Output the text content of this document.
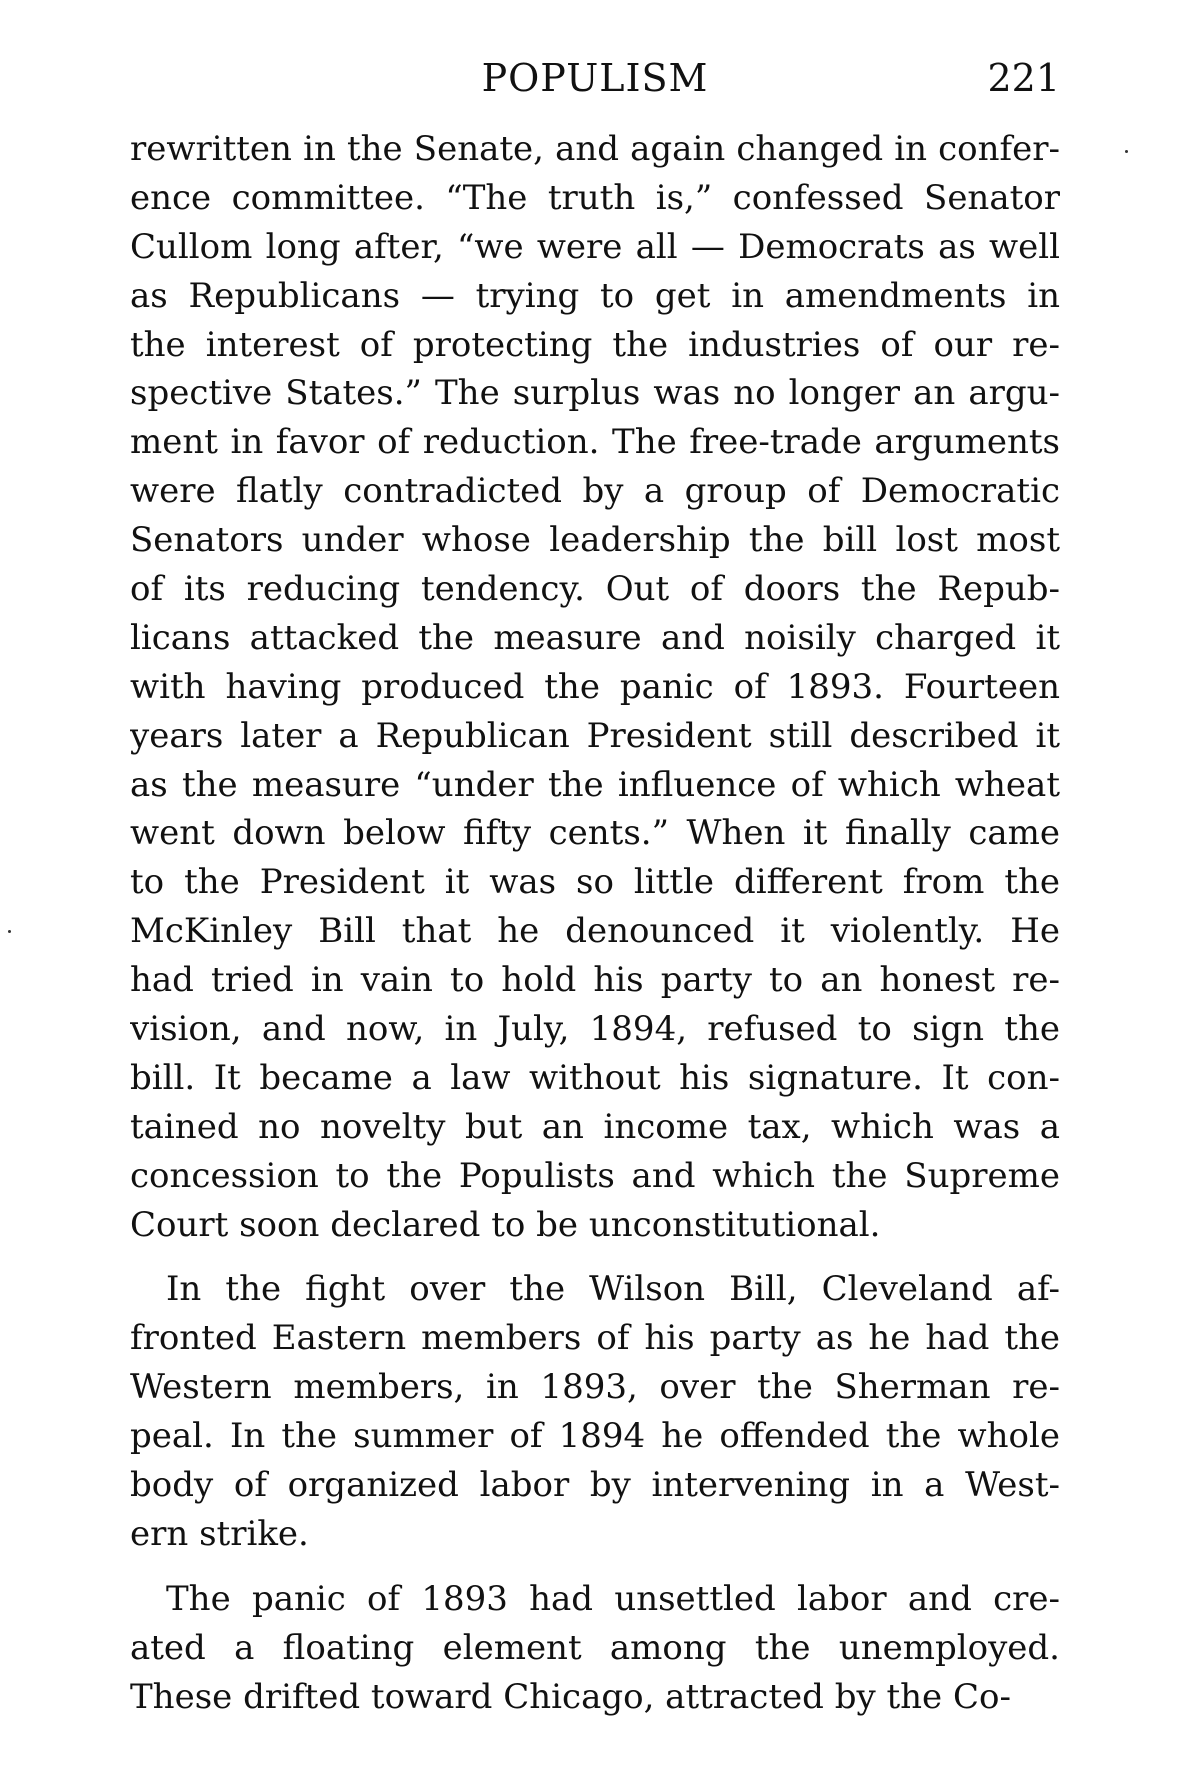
POPULISM	221
rewritten in the Senate, and again changed in confer-
ence committee. “The truth is,” confessed Senator
Cullom long after, “we were all — Democrats as well
as Republicans — trying to get in amendments in
the interest of protecting the industries of our re-
spective States.” The surplus was no longer an argu-
ment in favor of reduction. The free-trade arguments
were flatly contradicted by a group of Democratic
Senators under whose leadership the bill lost most
of its reducing tendency. Out of doors the Repub-
licans attacked the measure and noisily charged it
with having produced the panic of 1893. Fourteen
years later a Republican President still described it
as the measure “under the influence of which wheat
went down below fifty cents.” When it finally came
to the President it was so little different from the
McKinley Bill that he denounced it violently. He
had tried in vain to hold his party to an honest re-
vision, and now, in July, 1894, refused to sign the
bill. It became a law without his signature. It con-
tained no novelty but an income tax, which was a
concession to the Populists and which the Supreme
Court soon declared to be unconstitutional.
In the fight over the Wilson Bill, Cleveland af-
fronted Eastern members of his party as he had the
Western members, in 1893, over the Sherman re-
peal. In the summer of 1894 he offended the whole
body of organized labor by intervening in a West-
ern strike.
The panic of 1893 had unsettled labor and cre-
ated a floating element among the unemployed.
These drifted toward Chicago, attracted by the Co-
